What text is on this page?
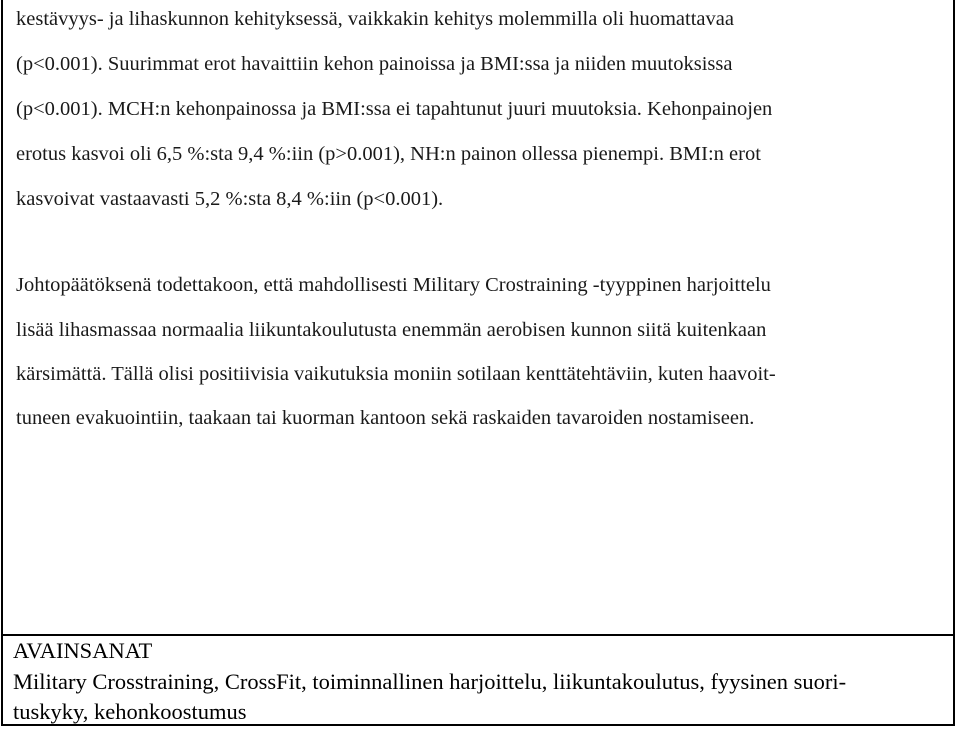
kestävyys- ja lihaskunnon kehityksessä, vaikkakin kehitys molemmilla oli huomattavaa
(p<0.001). Suurimmat erot havaittiin kehon painoissa ja BMI:ssa ja niiden muutoksissa
(p<0.001). MCH:n kehonpainossa ja BMI:ssa ei tapahtunut juuri muutoksia. Kehonpainojen
erotus kasvoi oli 6,5 %:sta 9,4 %:iin (p>0.001), NH:n painon ollessa pienempi. BMI:n erot
kasvoivat vastaavasti 5,2 %:sta 8,4 %:iin (p<0.001).
Johtopäätöksenä todettakoon, että mahdollisesti Military Crostraining -tyyppinen harjoittelu
lisää lihasmassaa normaalia liikuntakoulutusta enemmän aerobisen kunnon siitä kuitenkaan
kärsimättä. Tällä olisi positiivisia vaikutuksia moniin sotilaan kenttätehtäviin, kuten haavoit-
tuneen evakuointiin, taakaan tai kuorman kantoon sekä raskaiden tavaroiden nostamiseen.
AVAINSANAT
Military Crosstraining, CrossFit, toiminnallinen harjoittelu, liikuntakoulutus, fyysinen suori-
tuskyky, kehonkoostumus
